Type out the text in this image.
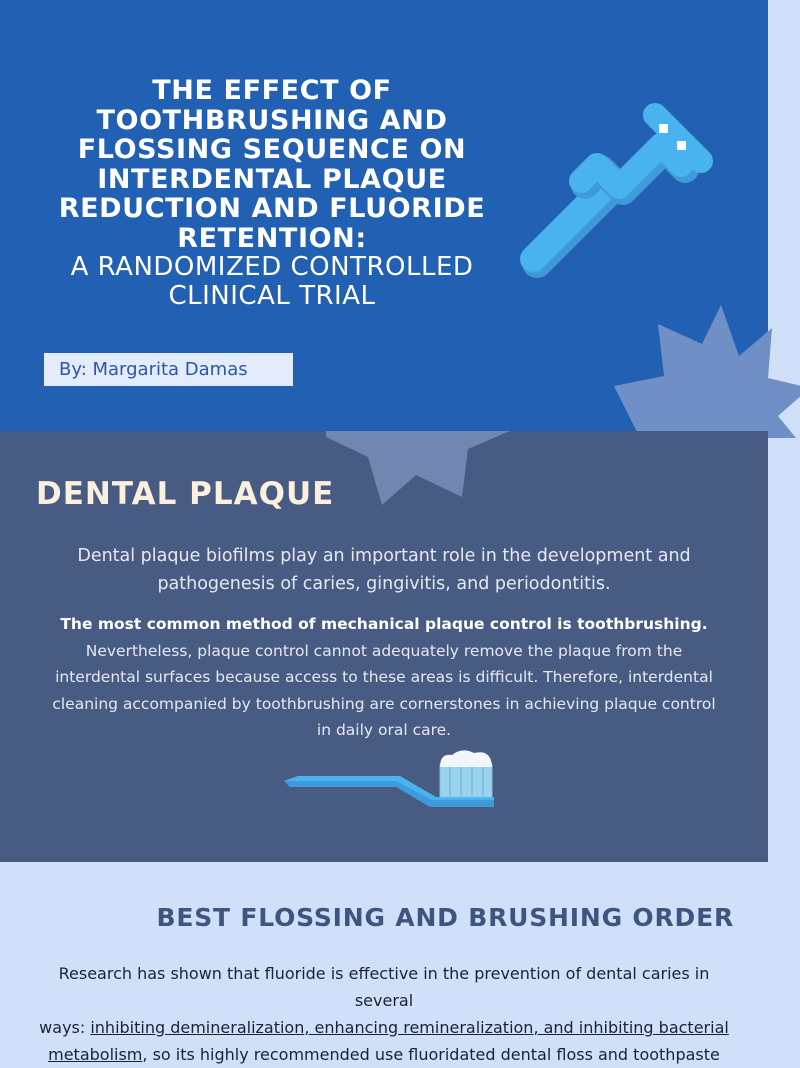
THE EFFECT OF
TOOTHBRUSHING AND
FLOSSING SEQUENCE ON
INTERDENTAL PLAQUE
REDUCTION AND FLUORIDE
RETENTION:
A RANDOMIZED CONTROLLED
CLINICAL TRIAL
By: Margarita Damas
DENTAL PLAQUE
Dental plaque biofilms play an important role in the development and
pathogenesis of caries, gingivitis, and periodontitis.
The most common method of mechanical plaque control is toothbrushing.
Nevertheless, plaque control cannot adequately remove the plaque from the
interdental surfaces because access to these areas is difficult. Therefore, interdental
cleaning accompanied by toothbrushing are cornerstones in achieving plaque control
in daily oral care.
BEST FLOSSING AND BRUSHING ORDER
Research has shown that fluoride is effective in the prevention of dental caries in several
ways: inhibiting demineralization, enhancing remineralization, and inhibiting bacterial
metabolism, so its highly recommended use fluoridated dental floss and toothpaste
